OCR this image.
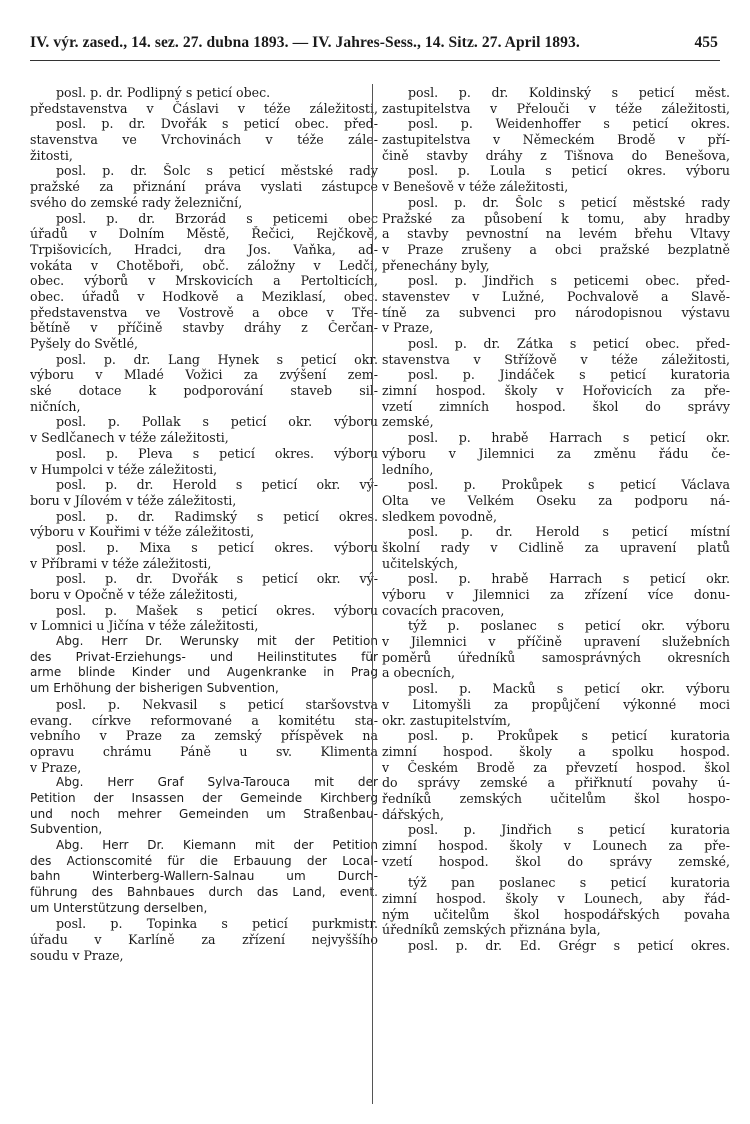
IV. výr. zased., 14. sez. 27. dubna 1893. — IV. Jahres-Sess., 14. Sitz. 27. April 1893.	455
posl. p. dr. Podlipný s peticí obec.
představenstva v Čáslavi v téže záležitosti,
posl. p. dr. Dvořák s peticí obec. před-
stavenstva ve Vrchovinách v téže zále-
žitosti,
posl. p. dr. Šolc s peticí městské rady
pražské za přiznání práva vyslati zástupce
svého do zemské rady železniční,
posl. p. dr. Brzorád s peticemi obec
úřadů v Dolním Městě, Řečici, Rejčkově,
Trpišovicích, Hradci, dra Jos. Vaňka, ad-
vokáta v Chotěboři, obč. záložny v Ledči,
obec. výborů v Mrskovicích a Pertolticích,
obec. úřadů v Hodkově a Meziklasí, obec.
představenstva ve Vostrově a obce v Tře-
bětíně v příčině stavby dráhy z Čerčan-
Pyšely do Světlé,
posl. p. dr. Lang Hynek s peticí okr.
výboru v Mladé Vožici za zvýšení zem-
ské dotace k podporování staveb sil-
ničních,
posl. p. Pollak s peticí okr. výboru
v Sedlčanech v téže záležitosti,
posl. p. Pleva s peticí okres. výboru
v Humpolci v téže záležitosti,
posl. p. dr. Herold s peticí okr. vý-
boru v Jílovém v téže záležitosti,
posl. p. dr. Radimský s peticí okres.
výboru v Kouřimi v téže záležitosti,
posl. p. Mixa s peticí okres. výboru
v Příbrami v téže záležitosti,
posl. p. dr. Dvořák s peticí okr. vý-
boru v Opočně v téže záležitosti,
posl. p. Mašek s peticí okres. výboru
v Lomnici u Jičína v téže záležitosti,
Abg. Herr Dr. Werunsky mit der Petition
des Privat-Erziehungs- und Heilinstitutes für
arme blinde Kinder und Augenkranke in Prag
um Erhöhung der bisherigen Subvention,
posl. p. Nekvasil s peticí staršovstva
evang. církve reformované a komitétu sta-
vebního v Praze za zemský příspěvek na
opravu chrámu Páně u sv. Klimenta
v Praze,
Abg. Herr Graf Sylva-Tarouca mit der
Petition der Insassen der Gemeinde Kirchberg
und noch mehrer Gemeinden um Straßenbau-
Subvention,
Abg. Herr Dr. Kiemann mit der Petition
des Actionscomité für die Erbauung der Local-
bahn Winterberg-Wallern-Salnau um Durch-
führung des Bahnbaues durch das Land, event.
um Unterstützung derselben,
posl. p. Topinka s peticí purkmistr.
úřadu v Karlíně za zřízení nejvyššího
soudu v Praze,
posl. p. dr. Koldinský s peticí měst.
zastupitelstva v Přelouči v téže záležitosti,
posl. p. Weidenhoffer s peticí okres.
zastupitelstva v Německém Brodě v pří-
čině stavby dráhy z Tišnova do Benešova,
posl. p. Loula s peticí okres. výboru
v Benešově v téže záležitosti,
posl. p. dr. Šolc s peticí městské rady
Pražské za působení k tomu, aby hradby
a stavby pevnostní na levém břehu Vltavy
v Praze zrušeny a obci pražské bezplatně
přenechány byly,
posl. p. Jindřich s peticemi obec. před-
stavenstev v Lužné, Pochvalově a Slavě-
tíně za subvenci pro národopisnou výstavu
v Praze,
posl. p. dr. Zátka s peticí obec. před-
stavenstva v Střížově v téže záležitosti,
posl. p. Jindáček s peticí kuratoria
zimní hospod. školy v Hořovicích za pře-
vzetí zimních hospod. škol do správy
zemské,
posl. p. hrabě Harrach s peticí okr.
výboru v Jilemnici za změnu řádu če-
ledního,
posl. p. Prokůpek s peticí Václava
Olta ve Velkém Oseku za podporu ná-
sledkem povodně,
posl. p. dr. Herold s peticí místní
školní rady v Cidlině za upravení platů
učitelských,
posl. p. hrabě Harrach s peticí okr.
výboru v Jilemnici za zřízení více donu-
covacích pracoven,
týž p. poslanec s peticí okr. výboru
v Jilemnici v příčině upravení služebních
poměrů úředníků samosprávných okresních
a obecních,
posl. p. Macků s peticí okr. výboru
v Litomyšli za propůjčení výkonné moci
okr. zastupitelstvím,
posl. p. Prokůpek s peticí kuratoria
zimní hospod. školy a spolku hospod.
v Českém Brodě za převzetí hospod. škol
do správy zemské a přiřknutí povahy ú-
ředníků zemských učitelům škol hospo-
dářských,
posl. p. Jindřich s peticí kuratoria
zimní hospod. školy v Lounech za pře-
vzetí hospod. škol do správy zemské,
týž pan poslanec s peticí kuratoria
zimní hospod. školy v Lounech, aby řád-
ným učitelům škol hospodářských povaha
úředníků zemských přiznána byla,
posl. p. dr. Ed. Grégr s peticí okres.
